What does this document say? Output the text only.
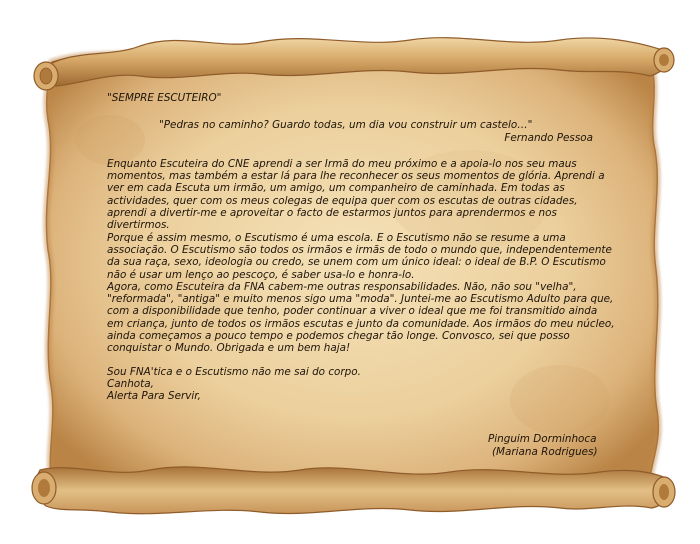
"SEMPRE ESCUTEIRO"

"Pedras no caminho? Guardo todas, um dia vou construir um castelo…"

Fernando Pessoa

Enquanto Escuteira do CNE aprendi a ser Irmã do meu próximo e a apoia-lo nos seu maus momentos, mas também a estar lá para lhe reconhecer os seus momentos de glória. Aprendi a ver em cada Escuta um irmão, um amigo, um companheiro de caminhada. Em todas as actividades, quer com os meus colegas de equipa quer com os escutas de outras cidades, aprendi a divertir-me e aproveitar o facto de estarmos juntos para aprendermos e nos divertirmos.

Porque é assim mesmo, o Escutismo é uma escola. E o Escutismo não se resume a uma associação. O Escutismo são todos os irmãos e irmãs de todo o mundo que, independentemente da sua raça, sexo, ideologia ou credo, se unem com um único ideal: o ideal de B.P. O Escutismo não é usar um lenço ao pescoço, é saber usa-lo e honra-lo.

Agora, como Escuteira da FNA cabem-me outras responsabilidades. Não, não sou "velha", "reformada", "antiga" e muito menos sigo uma "moda". Juntei-me ao Escutismo Adulto para que, com a disponibilidade que tenho, poder continuar a viver o ideal que me foi transmitido ainda em criança, junto de todos os irmãos escutas e junto da comunidade. Aos irmãos do meu núcleo, ainda começamos a pouco tempo e podemos chegar tão longe. Convosco, sei que posso conquistar o Mundo. Obrigada e um bem haja!

Sou FNA'tica e o Escutismo não me sai do corpo.

Canhota,

Alerta Para Servir,

Pinguim Dorminhoca
(Mariana Rodrigues)
